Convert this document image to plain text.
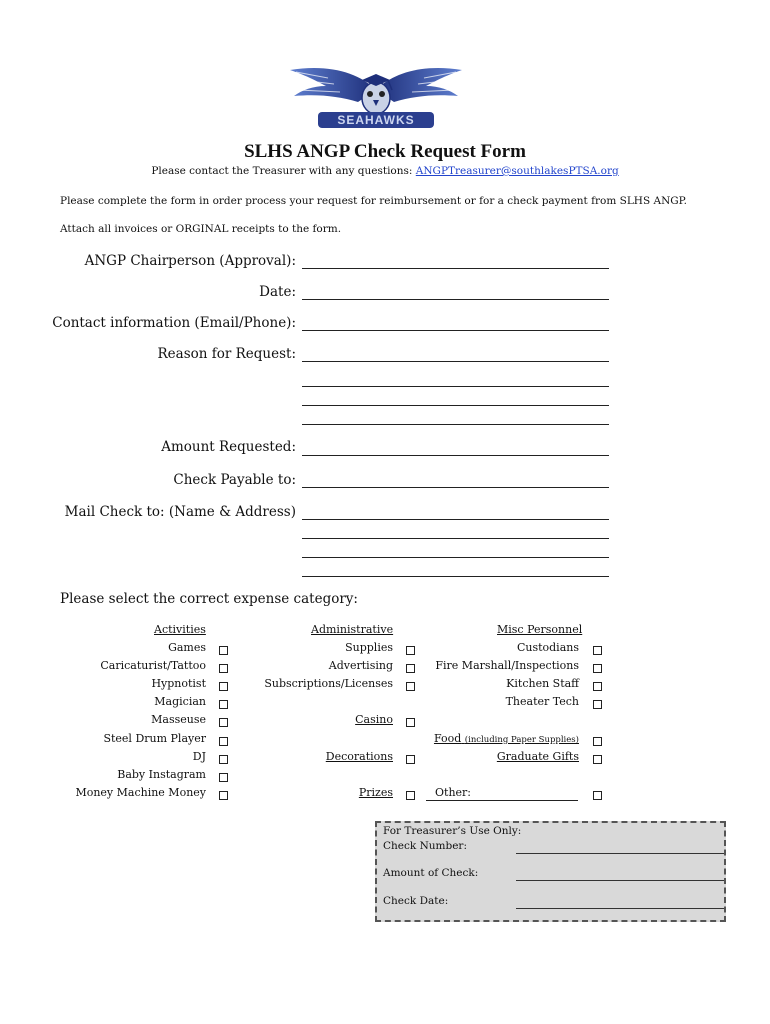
SEAHAWKS
SLHS ANGP Check Request Form
Please contact the Treasurer with any questions: ANGPTreasurer@southlakesPTSA.org
Please complete the form in order process your request for reimbursement or for a check payment from SLHS ANGP.
Attach all invoices or ORGINAL receipts to the form.
ANGP Chairperson (Approval):
Date:
Contact information (Email/Phone):
Reason for Request:
Amount Requested:
Check Payable to:
Mail Check to: (Name & Address)
Please select the correct expense category:
Activities
Games
Caricaturist/Tattoo
Hypnotist
Magician
Masseuse
Steel Drum Player
DJ
Baby Instagram
Money Machine Money
Administrative
Supplies
Advertising
Subscriptions/Licenses
Casino
Decorations
Prizes
Misc Personnel
Custodians
Fire Marshall/Inspections
Kitchen Staff
Theater Tech
Food (including Paper Supplies)
Graduate Gifts
Other:
For Treasurer’s Use Only:
Check Number:
Amount of Check:
Check Date:
